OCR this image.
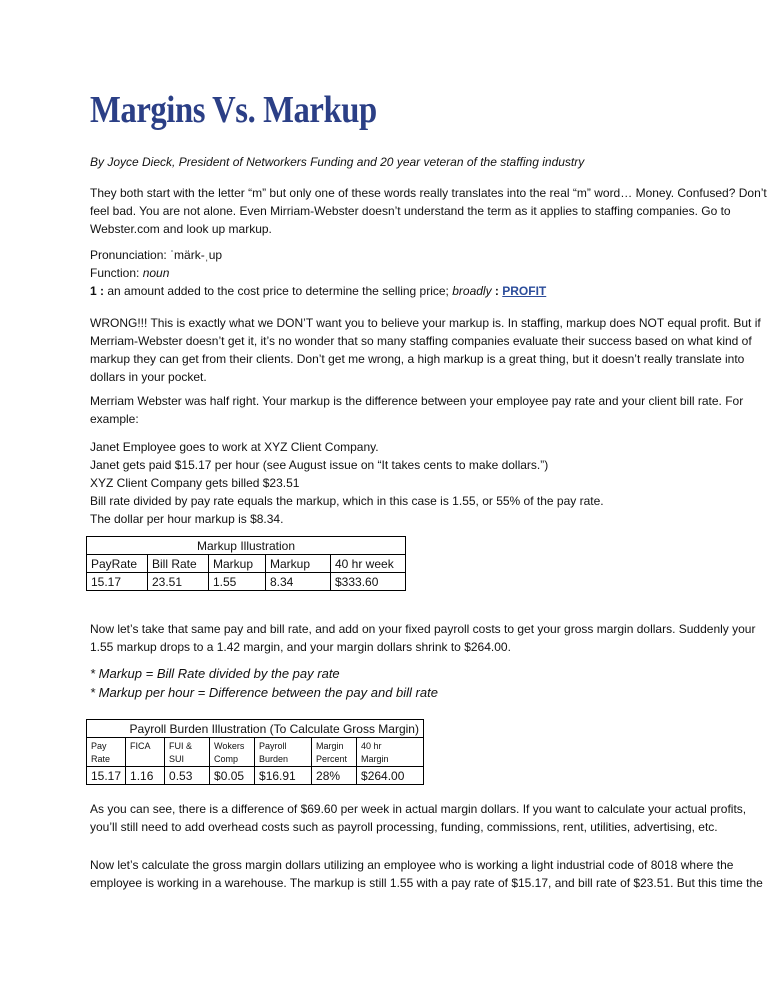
Margins Vs. Markup
By Joyce Dieck, President of Networkers Funding and 20 year veteran of the staffing industry

They both start with the letter “m” but only one of these words really translates into the real “m” word… Money. Confused? Don’t
feel bad. You are not alone. Even Mirriam-Webster doesn’t understand the term as it applies to staffing companies. Go to
Webster.com and look up markup.

Pronunciation: ˈmärk-ˌup
Function: noun
1 : an amount added to the cost price to determine the selling price; broadly : PROFIT

WRONG!!! This is exactly what we DON’T want you to believe your markup is. In staffing, markup does NOT equal profit. But if
Merriam-Webster doesn’t get it, it’s no wonder that so many staffing companies evaluate their success based on what kind of
markup they can get from their clients. Don’t get me wrong, a high markup is a great thing, but it doesn’t really translate into
dollars in your pocket.

Merriam Webster was half right. Your markup is the difference between your employee pay rate and your client bill rate. For
example:

Janet Employee goes to work at XYZ Client Company.
Janet gets paid $15.17 per hour (see August issue on “It takes cents to make dollars.”)
XYZ Client Company gets billed $23.51
Bill rate divided by pay rate equals the markup, which in this case is 1.55, or 55% of the pay rate.
The dollar per hour markup is $8.34.

Markup Illustration				
PayRate	Bill Rate	Markup	Markup	40 hr week
15.17	23.51	1.55	8.34	$333.60

Now let’s take that same pay and bill rate, and add on your fixed payroll costs to get your gross margin dollars. Suddenly your
1.55 markup drops to a 1.42 margin, and your margin dollars shrink to $264.00.

* Markup = Bill Rate divided by the pay rate
* Markup per hour = Difference between the pay and bill rate
	Payroll Burden Illustration (To Calculate Gross Margin)					
Pay
Rate	FICA	FUI &
SUI	Wokers
Comp	Payroll
Burden	Margin
Percent	40 hr
Margin
15.17	1.16	0.53	$0.05	$16.91	28%	$264.00

As you can see, there is a difference of $69.60 per week in actual margin dollars. If you want to calculate your actual profits,
you’ll still need to add overhead costs such as payroll processing, funding, commissions, rent, utilities, advertising, etc.

Now let’s calculate the gross margin dollars utilizing an employee who is working a light industrial code of 8018 where the
employee is working in a warehouse. The markup is still 1.55 with a pay rate of $15.17, and bill rate of $23.51. But this time the
